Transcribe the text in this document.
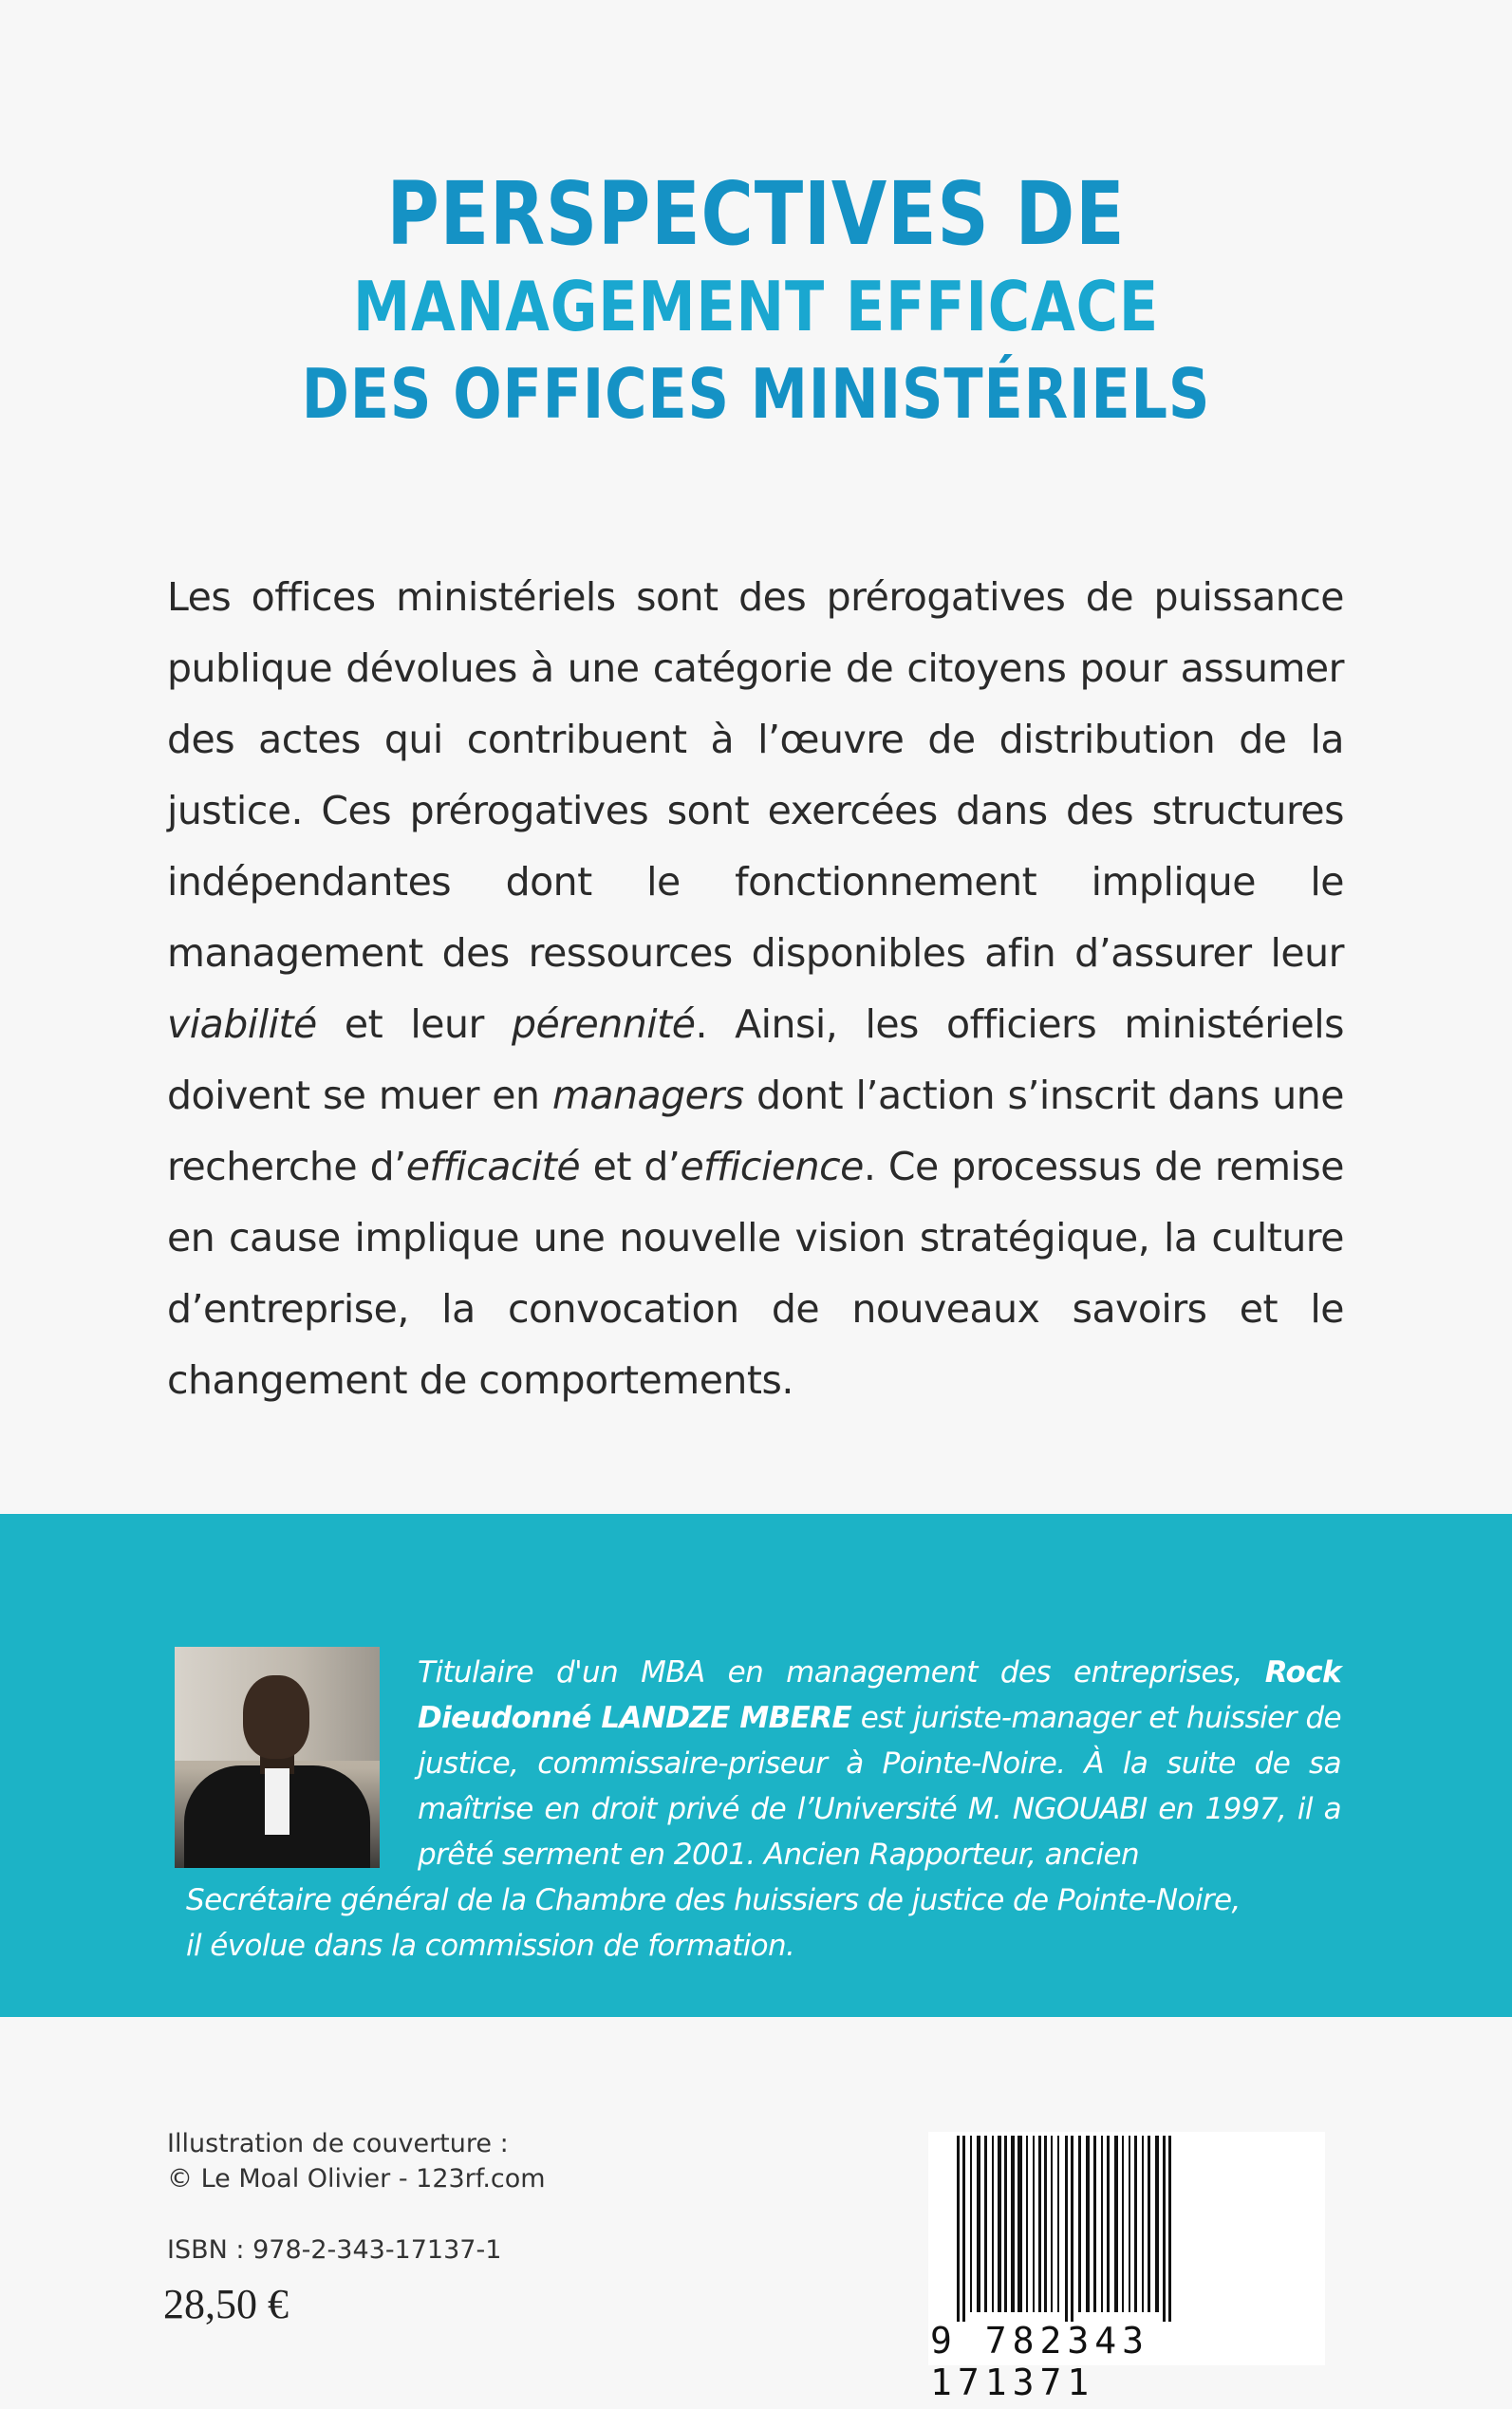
PERSPECTIVES DE
MANAGEMENT EFFICACE
DES OFFICES MINISTÉRIELS
Les offices ministériels sont des prérogatives de puissance publique dévolues à une catégorie de citoyens pour assumer des actes qui contribuent à l’œuvre de distribution de la justice. Ces prérogatives sont exercées dans des structures indépendantes dont le fonctionnement implique le management des ressources disponibles afin d’assurer leur viabilité et leur pérennité. Ainsi, les officiers ministériels doivent se muer en managers dont l’action s’inscrit dans une recherche d’efficacité et d’efficience. Ce processus de remise en cause implique une nouvelle vision stratégique, la culture d’entreprise, la convocation de nouveaux savoirs et le changement de comportements.
Titulaire d'un MBA en management des entreprises, Rock Dieudonné LANDZE MBERE est juriste-manager et huissier de justice, commissaire-priseur à Pointe-Noire. À la suite de sa maîtrise en droit privé de l’Université M. NGOUABI en 1997, il a prêté serment en 2001. Ancien Rapporteur, ancien
Secrétaire général de la Chambre des huissiers de justice de Pointe-Noire,
il évolue dans la commission de formation.
Illustration de couverture :
© Le Moal Olivier - 123rf.com
ISBN : 978-2-343-17137-1
28,50 €
9 782343 171371
